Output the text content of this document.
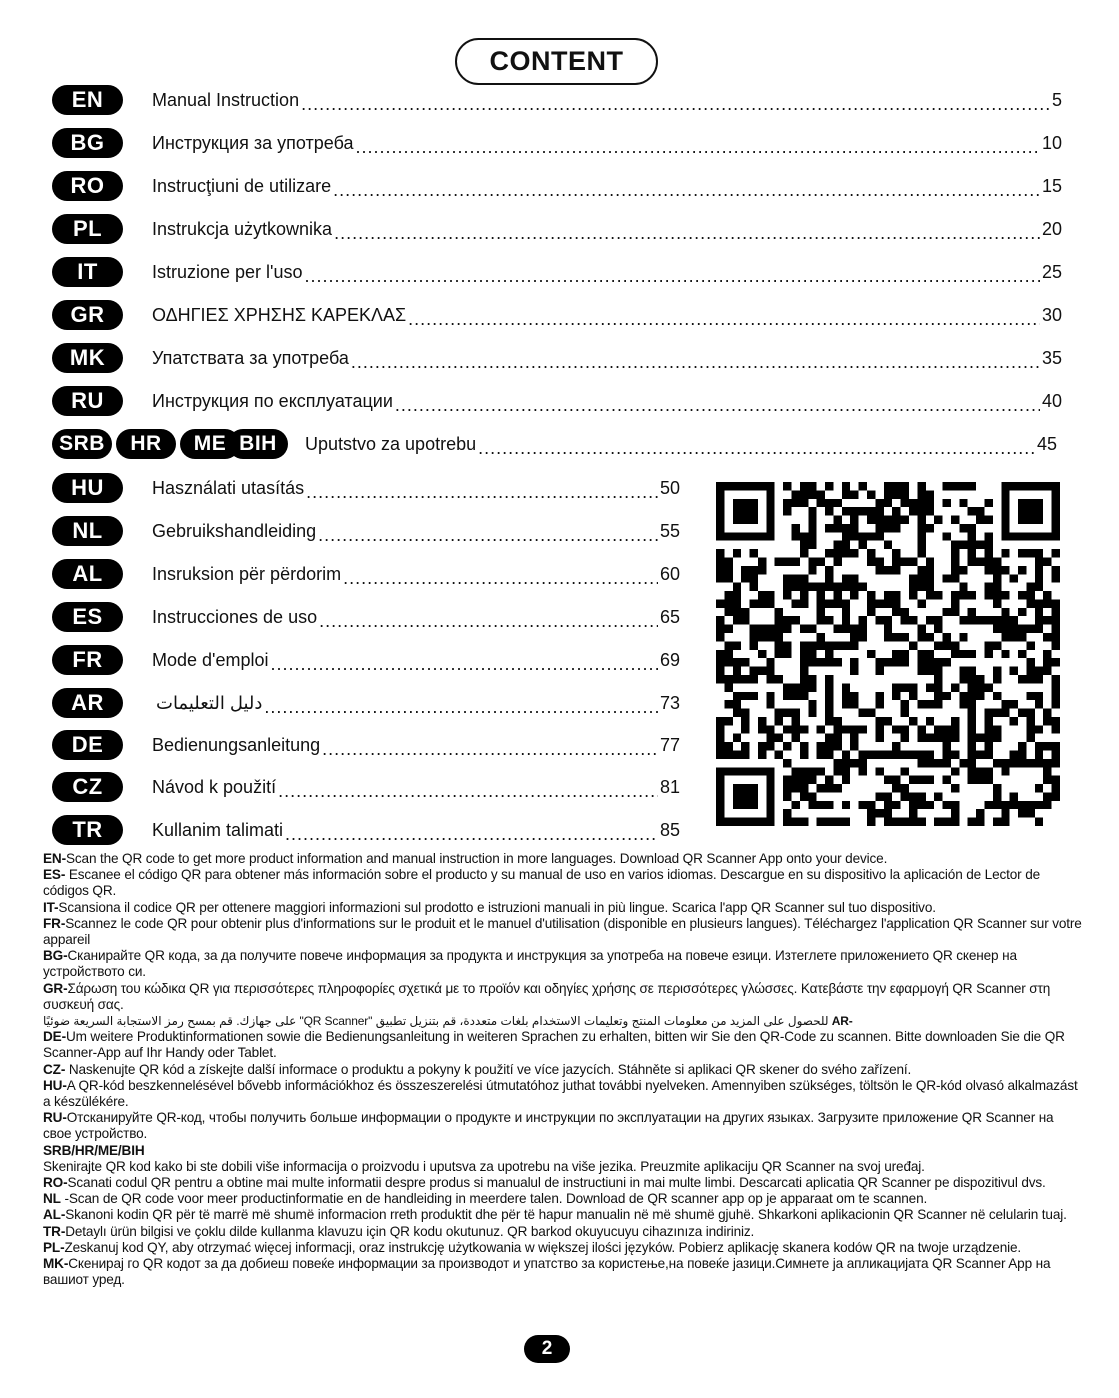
CONTENT
EN	Manual Instruction .....	5
BG	Инструкция за употреба .....	10
RO	Instrucţiuni de utilizare .....	15
PL	Instrukcja użytkownika .....	20
IT	Istruzione per l'uso .....	25
GR	ΟΔΗΓΙΕΣ ΧΡΗΣΗΣ ΚΑΡΕΚΛΑΣ .....	30
MK	Упатствата за употреба .....	35
RU	Инструкция по експлуатации .....	40
SRB	HR	ME BIH	Uputstvo za upotrebu .....	45
HU	Használati utasítás .....	50
NL	Gebruikshandleiding .....	55
AL	Insruksion për përdorim .....	60
ES	Instrucciones de uso .....	65
FR	Mode d'emploi .....	69
AR	دليل التعليمات .....	73
DE	Bedienungsanleitung .....	77
CZ	Návod k použití .....	81
TR	Kullanim talimati .....	85
EN-Scan the QR code to get more product information and manual instruction in more languages. Download QR Scanner App onto your device.
ES- Escanee el código QR para obtener más información sobre el producto y su manual de uso en varios idiomas. Descargue en su dispositivo la aplicación de Lector de códigos QR.
IT-Scansiona il codice QR per ottenere maggiori informazioni sul prodotto e istruzioni manuali in più lingue. Scarica l'app QR Scanner sul tuo dispositivo.
FR-Scannez le code QR pour obtenir plus d'informations sur le produit et le manuel d'utilisation (disponible en plusieurs langues). Téléchargez l'application QR Scanner sur votre appareil
BG-Сканирайте QR кода, за да получите повече информация за продукта и инструкция за употреба на повече езици. Изтеглете приложението QR скенер на устройството си.
GR-Σάρωση του κώδικα QR για περισσότερες πληροφορίες σχετικά με το προϊόν και οδηγίες χρήσης σε περισσότερες γλώσσες. Κατεβάστε την εφαρμογή QR Scanner στη συσκευή σας.
AR- للحصول على المزيد من معلومات المنتج وتعليمات الاستخدام بلغات متعددة، قم بتنزيل تطبيق "QR Scanner" على جهازك. قم بمسح رمز الاستجابة السريعة ضوئيًا
DE-Um weitere Produktinformationen sowie die Bedienungsanleitung in weiteren Sprachen zu erhalten, bitten wir Sie den QR-Code zu scannen. Bitte downloaden Sie die QR Scanner-App auf Ihr Handy oder Tablet.
CZ- Naskenujte QR kód a získejte další informace o produktu a pokyny k použití ve více jazycích. Stáhněte si aplikaci QR skener do svého zařízení.
HU-A QR-kód beszkennelésével bővebb információkhoz és összeszerelési útmutatóhoz juthat további nyelveken. Amennyiben szükséges, töltsön le QR-kód olvasó alkalmazást a készülékére.
RU-Отсканируйте QR-код, чтобы получить больше информации о продукте и инструкции по эксплуатации на других языках. Загрузите приложение QR Scanner на свое устройство.
SRB/HR/ME/BIH
Skenirajte QR kod kako bi ste dobili više informacija o proizvodu i uputsva za upotrebu na više jezika. Preuzmite aplikaciju QR Scanner na svoj uređaj.
RO-Scanati codul QR pentru a obtine mai multe informatii despre produs si manualul de instructiuni in mai multe limbi. Descarcati aplicatia QR Scanner pe dispozitivul dvs.
NL -Scan de QR code voor meer productinformatie en de handleiding in meerdere talen. Download de QR scanner app op je apparaat om te scannen.
AL-Skanoni kodin QR për të marrë më shumë informacion rreth produktit dhe për të hapur manualin në më shumë gjuhë. Shkarkoni aplikacionin QR Scanner në celularin tuaj.
TR-Detaylı ürün bilgisi ve çoklu dilde kullanma klavuzu için QR kodu okutunuz. QR barkod okuyucuyu cihazınıza indiriniz.
PL-Zeskanuj kod QY, aby otrzymać więcej informacji, oraz instrukcję użytkowania w większej ilości języków. Pobierz aplikację skanera kodów QR na twoje urządzenie.
MK-Скенирај го QR кодот за да добиеш повеќе информации за производот и упатство за користење,на повеќе јазици.Симнете ја апликацијата QR Scanner App на вашиот уред.
2
